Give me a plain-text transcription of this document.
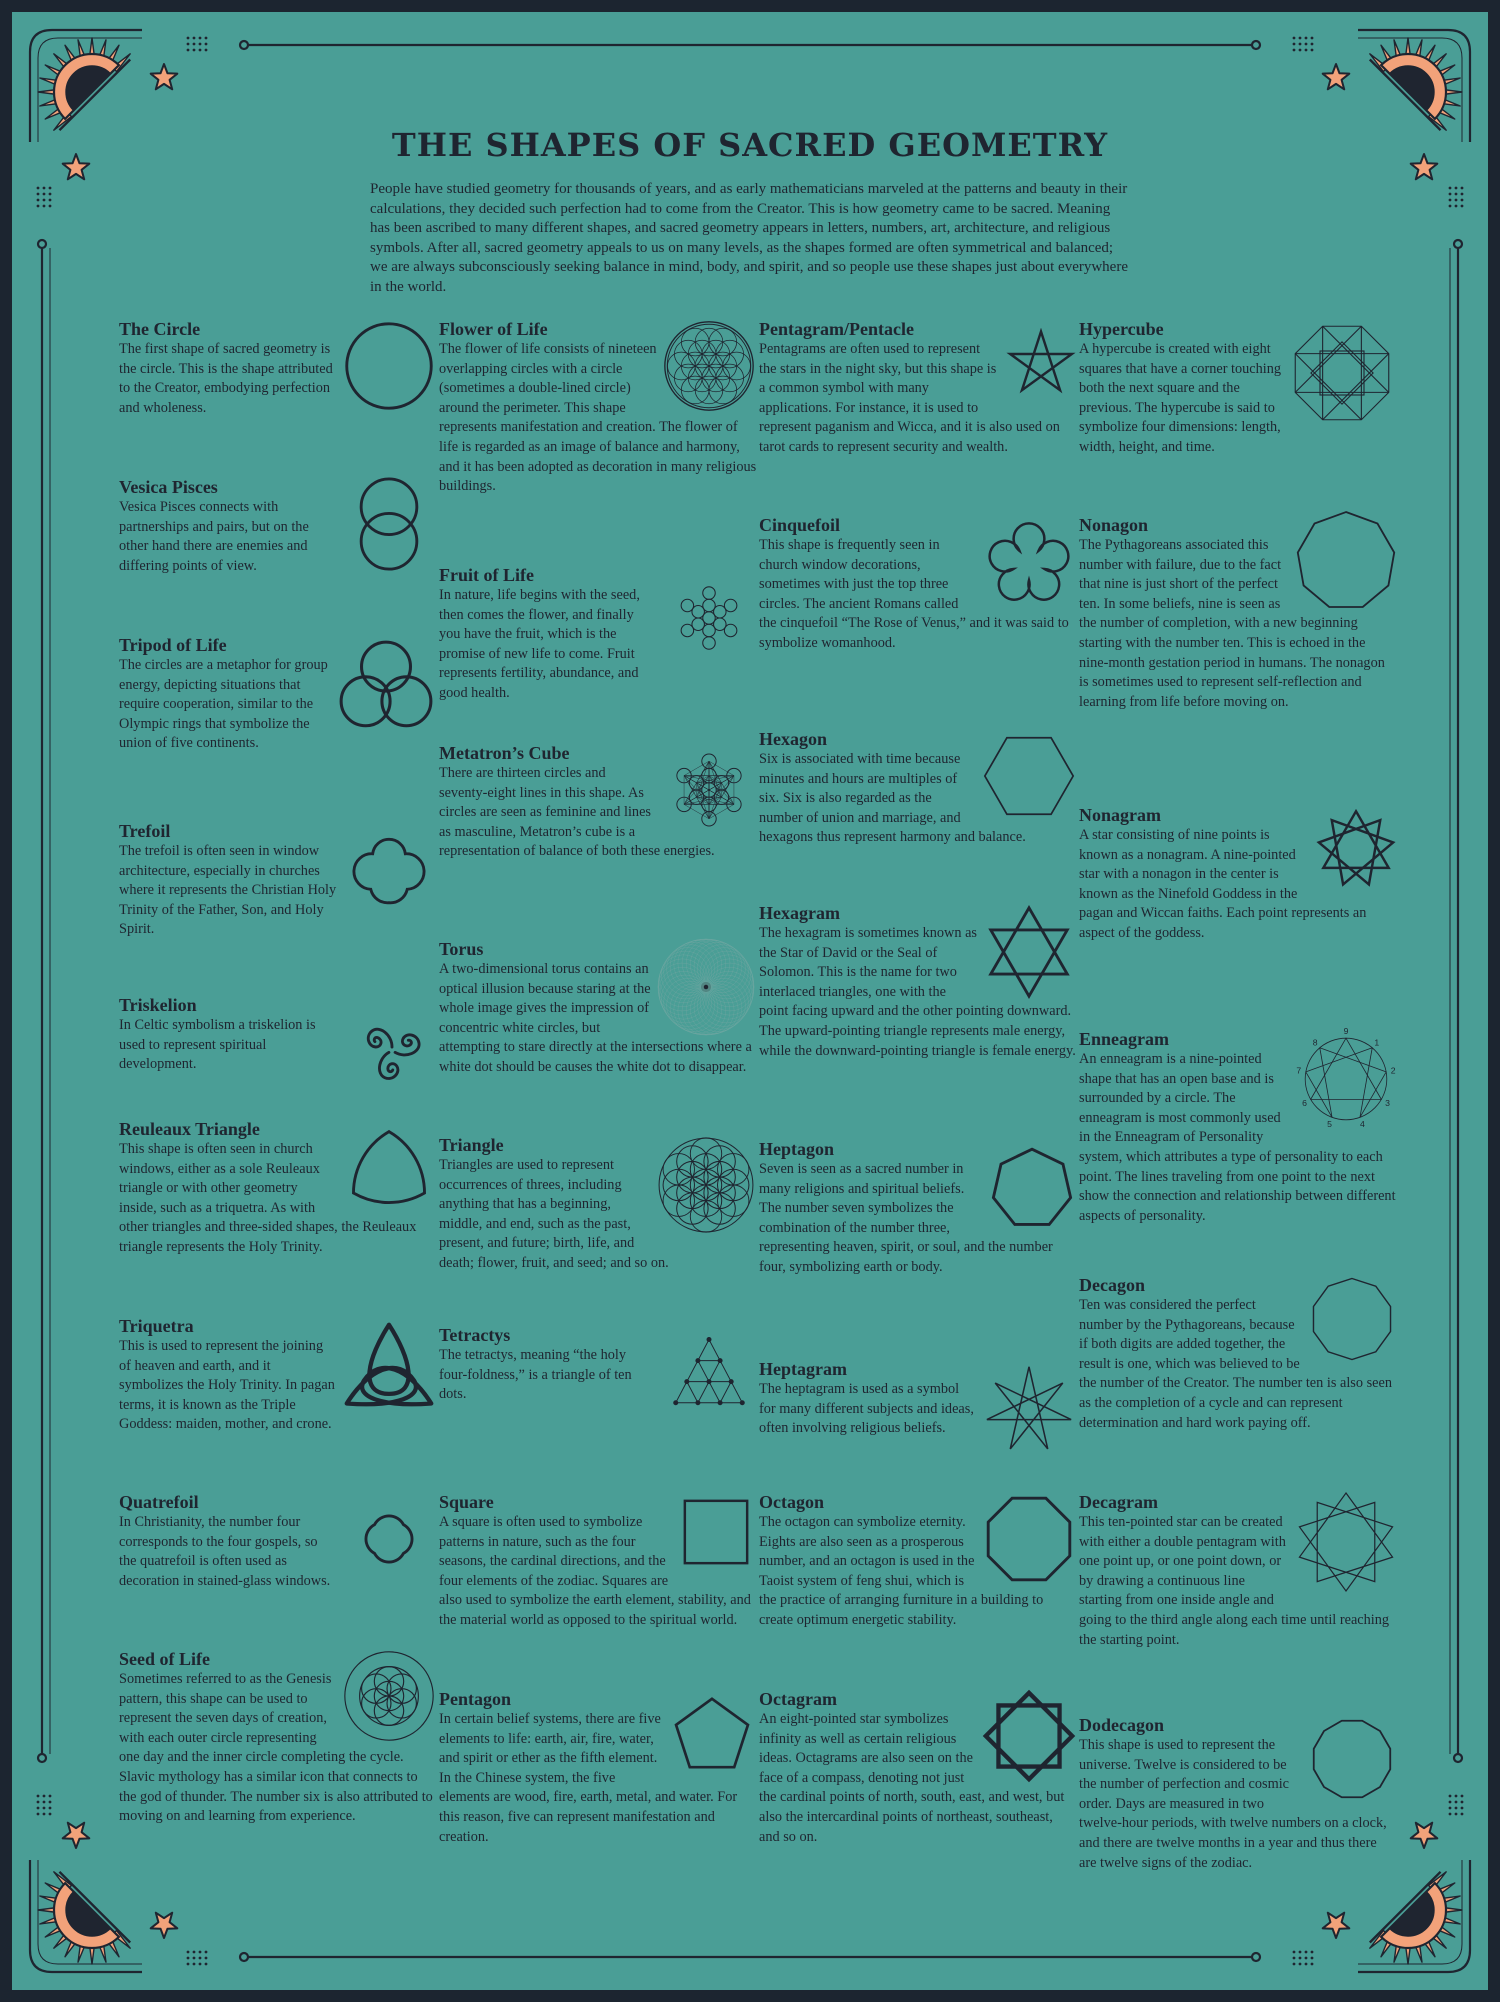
THE SHAPES OF SACRED GEOMETRY

People have studied geometry for thousands of years, and as early mathematicians marveled at the patterns and beauty in their calculations, they decided such perfection had to come from the Creator. This is how geometry came to be sacred. Meaning has been ascribed to many different shapes, and sacred geometry appears in letters, numbers, art, architecture, and religious symbols. After all, sacred geometry appeals to us on many levels, as the shapes formed are often symmetrical and balanced; we are always subconsciously seeking balance in mind, body, and spirit, and so people use these shapes just about everywhere in the world.

The Circle

The first shape of sacred geometry is the circle. This is the shape attributed to the Creator, embodying perfection and wholeness.

Vesica Pisces

Vesica Pisces connects with partnerships and pairs, but on the other hand there are enemies and differing points of view.

Tripod of Life

The circles are a metaphor for group energy, depicting situations that require cooperation, similar to the Olympic rings that symbolize the union of five continents.

Trefoil

The trefoil is often seen in window architecture, especially in churches where it represents the Christian Holy Trinity of the Father, Son, and Holy Spirit.

Triskelion

In Celtic symbolism a triskelion is used to represent spiritual development.

Reuleaux Triangle

This shape is often seen in church windows, either as a sole Reuleaux triangle or with other geometry inside, such as a triquetra. As with other triangles and three-sided shapes, the Reuleaux triangle represents the Holy Trinity.

Triquetra

This is used to represent the joining of heaven and earth, and it symbolizes the Holy Trinity. In pagan terms, it is known as the Triple Goddess: maiden, mother, and crone.

Quatrefoil

In Christianity, the number four corresponds to the four gospels, so the quatrefoil is often used as decoration in stained-glass windows.

Seed of Life

Sometimes referred to as the Genesis pattern, this shape can be used to represent the seven days of creation, with each outer circle representing one day and the inner circle completing the cycle. Slavic mythology has a similar icon that connects to the god of thunder. The number six is also attributed to moving on and learning from experience.

Flower of Life

The flower of life consists of nineteen overlapping circles with a circle (sometimes a double-lined circle) around the perimeter. This shape represents manifestation and creation. The flower of life is regarded as an image of balance and harmony, and it has been adopted as decoration in many religious buildings.

Fruit of Life

In nature, life begins with the seed, then comes the flower, and finally you have the fruit, which is the promise of new life to come. Fruit represents fertility, abundance, and good health.

Metatron’s Cube

There are thirteen circles and seventy-eight lines in this shape. As circles are seen as feminine and lines as masculine, Metatron’s cube is a representation of balance of both these energies.

Torus

A two-dimensional torus contains an optical illusion because staring at the whole image gives the impression of concentric white circles, but attempting to stare directly at the intersections where a white dot should be causes the white dot to disappear.

Triangle

Triangles are used to represent occurrences of threes, including anything that has a beginning, middle, and end, such as the past, present, and future; birth, life, and death; flower, fruit, and seed; and so on.

Tetractys

The tetractys, meaning “the holy four-foldness,” is a triangle of ten dots.

Square

A square is often used to symbolize patterns in nature, such as the four seasons, the cardinal directions, and the four elements of the zodiac. Squares are also used to symbolize the earth element, stability, and the material world as opposed to the spiritual world.

Pentagon

In certain belief systems, there are five elements to life: earth, air, fire, water, and spirit or ether as the fifth element. In the Chinese system, the five elements are wood, fire, earth, metal, and water. For this reason, five can represent manifestation and creation.

Pentagram/Pentacle

Pentagrams are often used to represent the stars in the night sky, but this shape is a common symbol with many applications. For instance, it is used to represent paganism and Wicca, and it is also used on tarot cards to represent security and wealth.

Cinquefoil

This shape is frequently seen in church window decorations, sometimes with just the top three circles. The ancient Romans called the cinquefoil “The Rose of Venus,” and it was said to symbolize womanhood.

Hexagon

Six is associated with time because minutes and hours are multiples of six. Six is also regarded as the number of union and marriage, and hexagons thus represent harmony and balance.

Hexagram

The hexagram is sometimes known as the Star of David or the Seal of Solomon. This is the name for two interlaced triangles, one with the point facing upward and the other pointing downward. The upward-pointing triangle represents male energy, while the downward-pointing triangle is female energy.

Heptagon

Seven is seen as a sacred number in many religions and spiritual beliefs. The number seven symbolizes the combination of the number three, representing heaven, spirit, or soul, and the number four, symbolizing earth or body.

Heptagram

The heptagram is used as a symbol for many different subjects and ideas, often involving religious beliefs.

Octagon

The octagon can symbolize eternity. Eights are also seen as a prosperous number, and an octagon is used in the Taoist system of feng shui, which is the practice of arranging furniture in a building to create optimum energetic stability.

Octagram

An eight-pointed star symbolizes infinity as well as certain religious ideas. Octagrams are also seen on the face of a compass, denoting not just the cardinal points of north, south, east, and west, but also the intercardinal points of northeast, southeast, and so on.

Hypercube

A hypercube is created with eight squares that have a corner touching both the next square and the previous. The hypercube is said to symbolize four dimensions: length, width, height, and time.

Nonagon

The Pythagoreans associated this number with failure, due to the fact that nine is just short of the perfect ten. In some beliefs, nine is seen as the number of completion, with a new beginning starting with the number ten. This is echoed in the nine-month gestation period in humans. The nonagon is sometimes used to represent self-reflection and learning from life before moving on.

Nonagram

A star consisting of nine points is known as a nonagram. A nine-pointed star with a nonagon in the center is known as the Ninefold Goddess in the pagan and Wiccan faiths. Each point represents an aspect of the goddess.

1
2
3
4
5
6
7
8
9
Enneagram

An enneagram is a nine-pointed shape that has an open base and is surrounded by a circle. The enneagram is most commonly used in the Enneagram of Personality system, which attributes a type of personality to each point. The lines traveling from one point to the next show the connection and relationship between different aspects of personality.

Decagon

Ten was considered the perfect number by the Pythagoreans, because if both digits are added together, the result is one, which was believed to be the number of the Creator. The number ten is also seen as the completion of a cycle and can represent determination and hard work paying off.

Decagram

This ten-pointed star can be created with either a double pentagram with one point up, or one point down, or by drawing a continuous line starting from one inside angle and going to the third angle along each time until reaching the starting point.

Dodecagon

This shape is used to represent the universe. Twelve is considered to be the number of perfection and cosmic order. Days are measured in two twelve-hour periods, with twelve numbers on a clock, and there are twelve months in a year and thus there are twelve signs of the zodiac.
